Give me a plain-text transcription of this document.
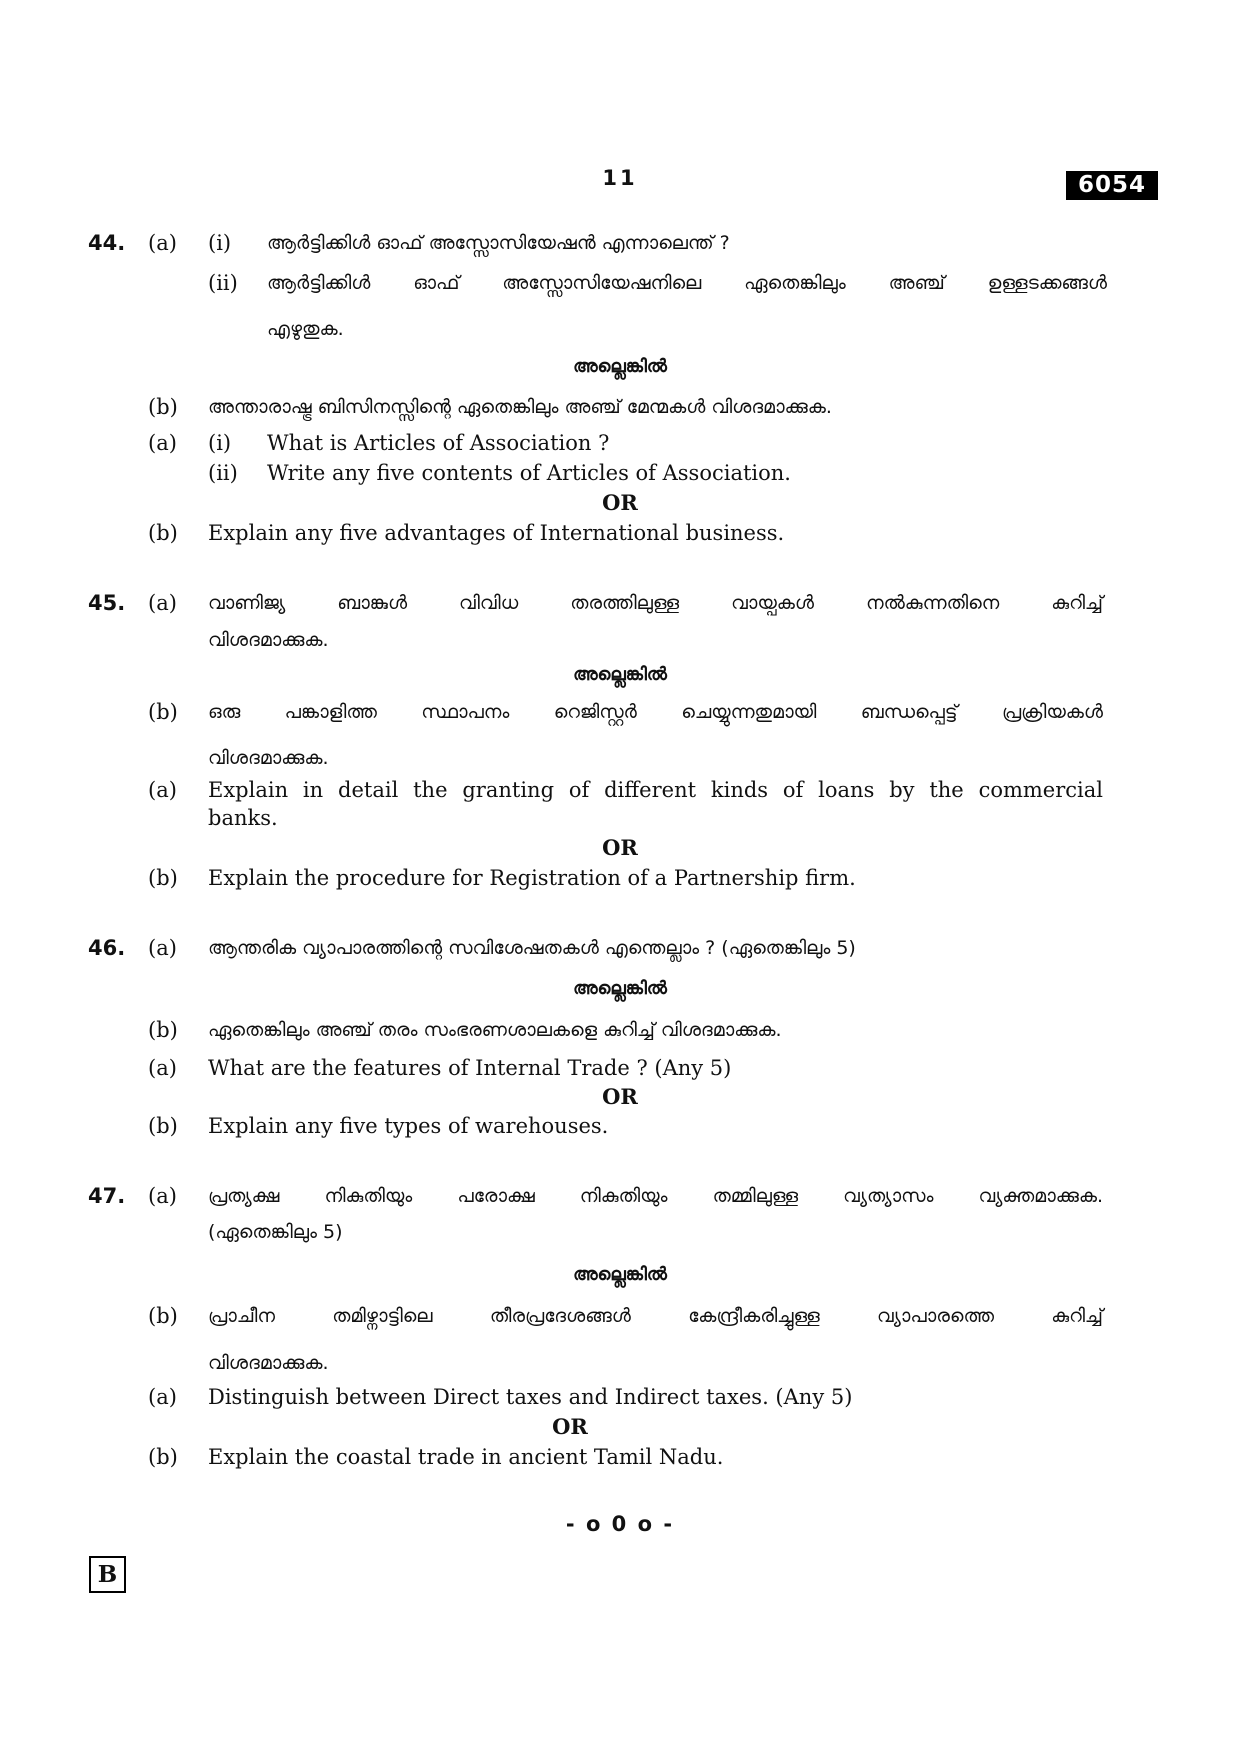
11	6054
44. (a) (i) ആർട്ടിക്കിൾ ഓഫ് അസ്സോസിയേഷൻ എന്നാലെന്ത് ?
(ii) ആർട്ടിക്കിൾ ഓഫ് അസ്സോസിയേഷനിലെ ഏതെങ്കിലും അഞ്ച് ഉള്ളടക്കങ്ങൾ
എഴുതുക.
അല്ലെങ്കിൽ
(b) അന്താരാഷ്ട്ര ബിസിനസ്സിന്റെ ഏതെങ്കിലും അഞ്ച് മേന്മകൾ വിശദമാക്കുക.
(a) (i) What is Articles of Association ?
(ii) Write any five contents of Articles of Association.
OR
(b) Explain any five advantages of International business.
45. (a) വാണിജ്യ ബാങ്കുൾ വിവിധ തരത്തിലുള്ള വായ്പകൾ നൽകുന്നതിനെ കുറിച്ച്
വിശദമാക്കുക.
അല്ലെങ്കിൽ
(b) ഒരു പങ്കാളിത്ത സ്ഥാപനം റെജിസ്റ്റർ ചെയ്യുന്നതുമായി ബന്ധപ്പെട്ട് പ്രക്രിയകൾ
വിശദമാക്കുക.
(a) Explain in detail the granting of different kinds of loans by the commercial
banks.
OR
(b) Explain the procedure for Registration of a Partnership firm.
46. (a) ആന്തരിക വ്യാപാരത്തിന്റെ സവിശേഷതകൾ എന്തെല്ലാം ? (ഏതെങ്കിലും 5)
അല്ലെങ്കിൽ
(b) ഏതെങ്കിലും അഞ്ച് തരം സംഭരണശാലകളെ കുറിച്ച് വിശദമാക്കുക.
(a) What are the features of Internal Trade ? (Any 5)
OR
(b) Explain any five types of warehouses.
47. (a) പ്രത്യക്ഷ നികുതിയും പരോക്ഷ നികുതിയും തമ്മിലുള്ള വ്യത്യാസം വ്യക്തമാക്കുക.
(ഏതെങ്കിലും 5)
അല്ലെങ്കിൽ
(b) പ്രാചീന തമിഴ്നാട്ടിലെ തീരപ്രദേശങ്ങൾ കേന്ദ്രീകരിച്ചുള്ള വ്യാപാരത്തെ കുറിച്ച്
വിശദമാക്കുക.
(a) Distinguish between Direct taxes and Indirect taxes. (Any 5)
OR
(b) Explain the coastal trade in ancient Tamil Nadu.
- o 0 o -
B
